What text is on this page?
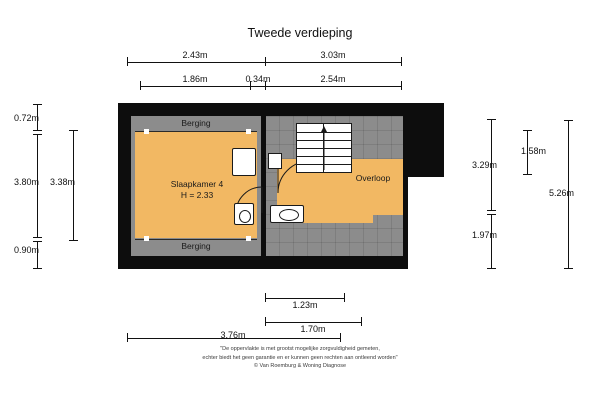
Tweede verdieping
2.43m	3.03m
1.86m	0.34m	2.54m
0.72m
3.80m
0.90m
3.38m
3.29m
1.97m
1.58m
5.26m
1.23m
1.70m
3.76m
Berging
Slaapkamer 4
H = 2.33
Overloop
Berging
"De oppervlakte is met grootst mogelijke zorgvuldigheid gemeten,
echter biedt het geen garantie en er kunnen geen rechten aan ontleend worden"
© Van Roemburg & Woning Diagnose
